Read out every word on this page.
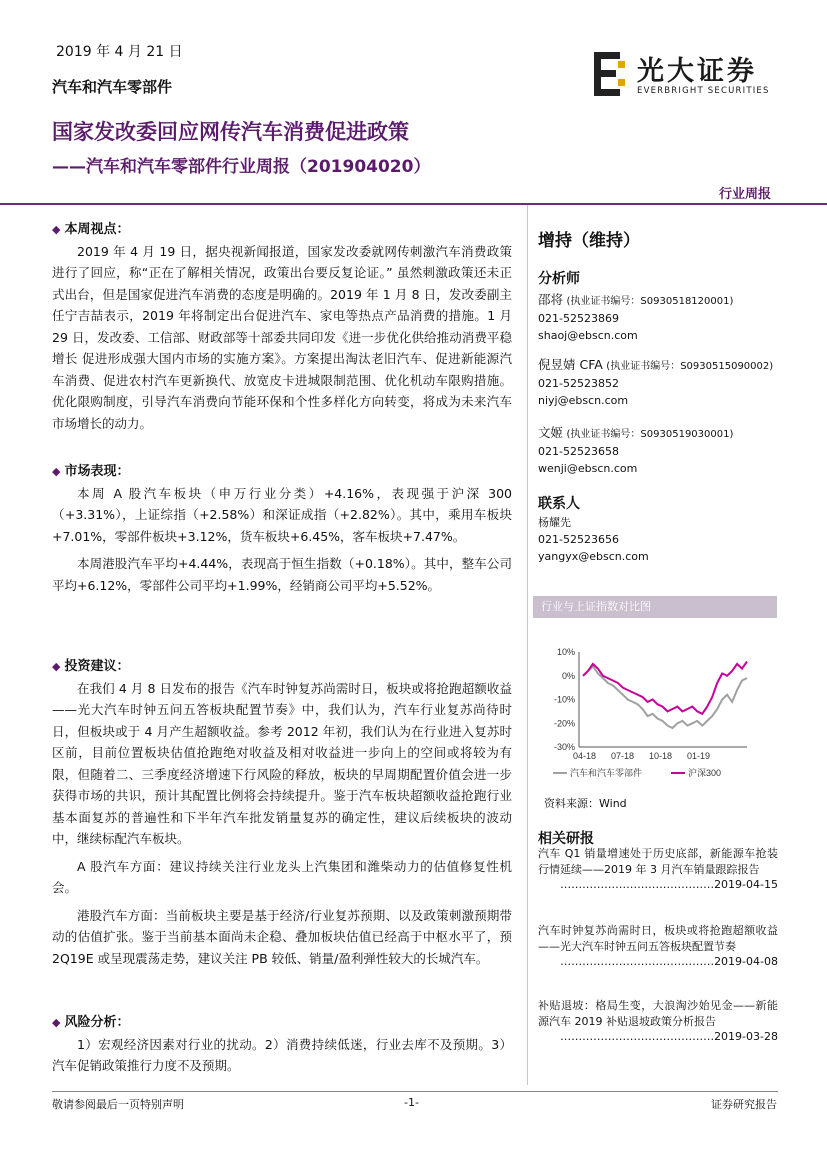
2019 年 4 月 21 日
汽车和汽车零部件	光大证券
EVERBRIGHT SECURITIES
国家发改委回应网传汽车消费促进政策
——汽车和汽车零部件行业周报（201904020）
行业周报
◆ 本周视点：

2019 年 4 月 19 日，据央视新闻报道，国家发改委就网传刺激汽车消费政策进行了回应，称“正在了解相关情况，政策出台要反复论证。” 虽然刺激政策还未正式出台，但是国家促进汽车消费的态度是明确的。2019 年 1 月 8 日，发改委副主任宁吉喆表示，2019 年将制定出台促进汽车、家电等热点产品消费的措施。1 月 29 日，发改委、工信部、财政部等十部委共同印发《进一步优化供给推动消费平稳增长 促进形成强大国内市场的实施方案》。方案提出淘汰老旧汽车、促进新能源汽车消费、促进农村汽车更新换代、放宽皮卡进城限制范围、优化机动车限购措施。优化限购制度，引导汽车消费向节能环保和个性多样化方向转变，将成为未来汽车市场增长的动力。

◆ 市场表现：

本周 A 股汽车板块（申万行业分类）+4.16%，表现强于沪深 300（+3.31%），上证综指（+2.58%）和深证成指（+2.82%）。其中，乘用车板块+7.01%，零部件板块+3.12%，货车板块+6.45%，客车板块+7.47%。

本周港股汽车平均+4.44%，表现高于恒生指数（+0.18%）。其中，整车公司平均+6.12%，零部件公司平均+1.99%，经销商公司平均+5.52%。

◆ 投资建议：

在我们 4 月 8 日发布的报告《汽车时钟复苏尚需时日，板块或将抢跑超额收益——光大汽车时钟五问五答板块配置节奏》中，我们认为，汽车行业复苏尚待时日，但板块或于 4 月产生超额收益。参考 2012 年初，我们认为在行业进入复苏时区前，目前位置板块估值抢跑绝对收益及相对收益进一步向上的空间或将较为有限，但随着二、三季度经济增速下行风险的释放，板块的早周期配置价值会进一步获得市场的共识，预计其配置比例将会持续提升。鉴于汽车板块超额收益抢跑行业基本面复苏的普遍性和下半年汽车批发销量复苏的确定性，建议后续板块的波动中，继续标配汽车板块。

A 股汽车方面：建议持续关注行业龙头上汽集团和潍柴动力的估值修复性机会。

港股汽车方面：当前板块主要是基于经济/行业复苏预期、以及政策刺激预期带动的估值扩张。鉴于当前基本面尚未企稳、叠加板块估值已经高于中枢水平了，预 2Q19E 或呈现震荡走势，建议关注 PB 较低、销量/盈利弹性较大的长城汽车。

◆ 风险分析：

1）宏观经济因素对行业的扰动。2）消费持续低迷，行业去库不及预期。3）汽车促销政策推行力度不及预期。

增持（维持）
分析师
邵将 (执业证书编号：S0930518120001)
021-52523869
shaoj@ebscn.com
倪昱婧 CFA (执业证书编号：S0930515090002)
021-52523852
niyj@ebscn.com
文姬 (执业证书编号：S0930519030001)
021-52523658
wenji@ebscn.com
联系人
杨耀先
021-52523656
yangyx@ebscn.com
行业与上证指数对比图
10%
0%
-10%
-20%
-30%
04-18 07-18 10-18 01-19
汽车和汽车零部件	沪深300
资料来源：Wind
相关研报
汽车 Q1 销量增速处于历史底部，新能源车抢装行情延续——2019 年 3 月汽车销量跟踪报告
……………………………………2019-04-15
汽车时钟复苏尚需时日，板块或将抢跑超额收益——光大汽车时钟五问五答板块配置节奏
……………………………………2019-04-08
补贴退坡：格局生变，大浪淘沙始见金——新能源汽车 2019 补贴退坡政策分析报告
……………………………………2019-03-28
敬请参阅最后一页特别声明	-1-	证券研究报告
